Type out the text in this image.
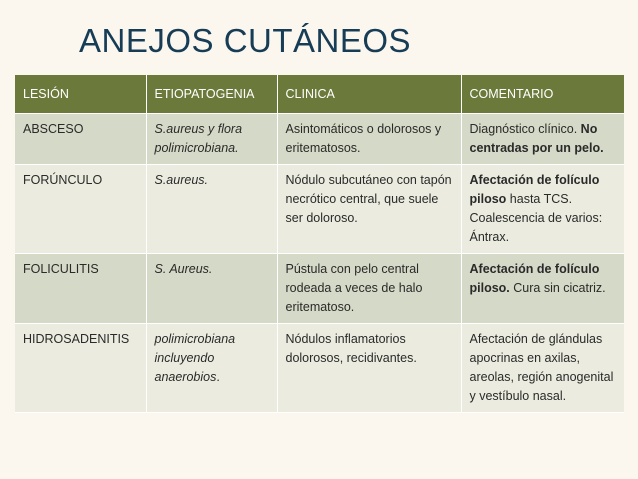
ANEJOS CUTÁNEOS
LESIÓN	ETIOPATOGENIA	CLINICA	COMENTARIO
ABSCESO	S.aureus y flora polimicrobiana.	Asintomáticos o dolorosos y eritematosos.	Diagnóstico clínico. No centradas por un pelo.
FORÚNCULO	S.aureus.	Nódulo subcutáneo con tapón necrótico central, que suele ser doloroso.	Afectación de folículo piloso hasta TCS. Coalescencia de varios: Ántrax.
FOLICULITIS	S. Aureus.	Pústula con pelo central rodeada a veces de halo eritematoso.	Afectación de folículo piloso. Cura sin cicatriz.
HIDROSADENITIS	polimicrobiana incluyendo anaerobios.	Nódulos inflamatorios dolorosos, recidivantes.	Afectación de glándulas apocrinas en axilas, areolas, región anogenital y vestíbulo nasal.
